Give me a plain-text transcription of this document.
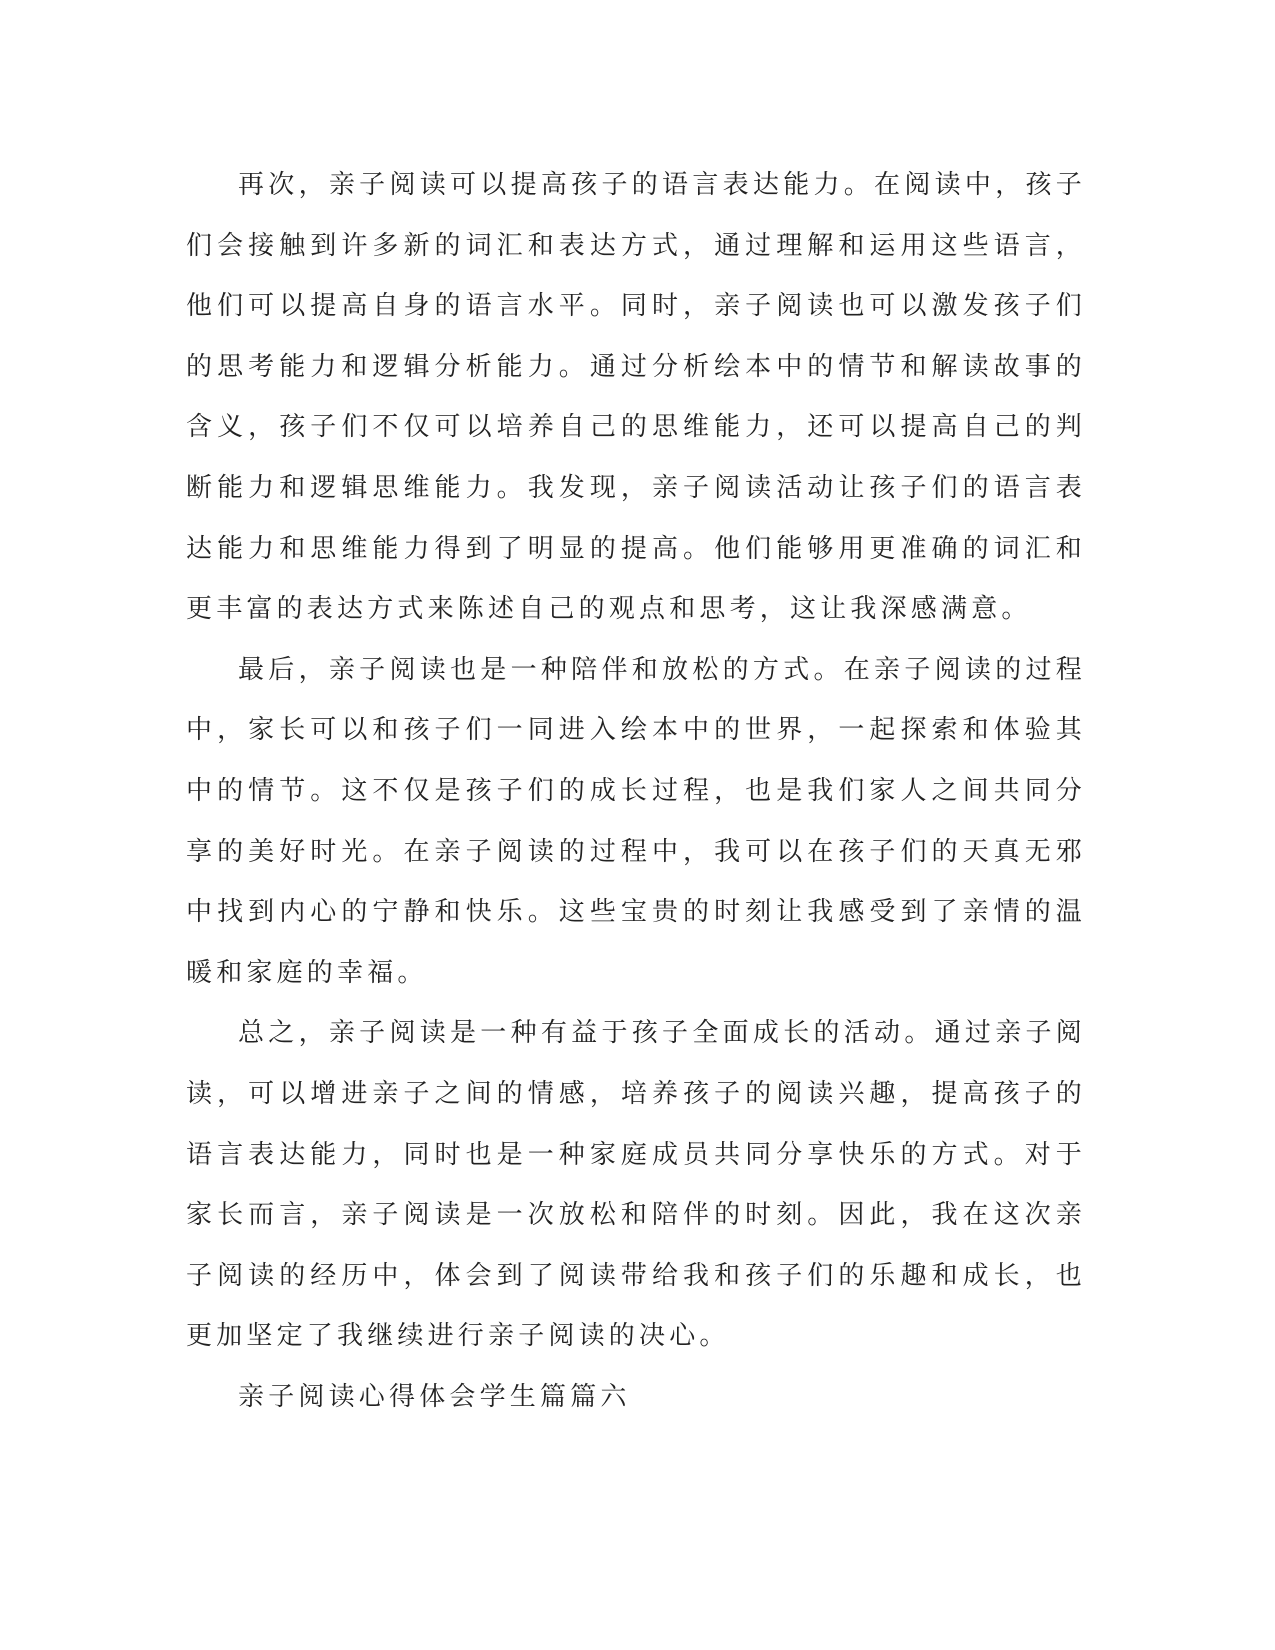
再次，亲子阅读可以提高孩子的语言表达能力。在阅读中，孩子们会接触到许多新的词汇和表达方式，通过理解和运用这些语言，他们可以提高自身的语言水平。同时，亲子阅读也可以激发孩子们的思考能力和逻辑分析能力。通过分析绘本中的情节和解读故事的含义，孩子们不仅可以培养自己的思维能力，还可以提高自己的判断能力和逻辑思维能力。我发现，亲子阅读活动让孩子们的语言表达能力和思维能力得到了明显的提高。他们能够用更准确的词汇和更丰富的表达方式来陈述自己的观点和思考，这让我深感满意。

最后，亲子阅读也是一种陪伴和放松的方式。在亲子阅读的过程中，家长可以和孩子们一同进入绘本中的世界，一起探索和体验其中的情节。这不仅是孩子们的成长过程，也是我们家人之间共同分享的美好时光。在亲子阅读的过程中，我可以在孩子们的天真无邪中找到内心的宁静和快乐。这些宝贵的时刻让我感受到了亲情的温暖和家庭的幸福。

总之，亲子阅读是一种有益于孩子全面成长的活动。通过亲子阅读，可以增进亲子之间的情感，培养孩子的阅读兴趣，提高孩子的语言表达能力，同时也是一种家庭成员共同分享快乐的方式。对于家长而言，亲子阅读是一次放松和陪伴的时刻。因此，我在这次亲子阅读的经历中，体会到了阅读带给我和孩子们的乐趣和成长，也更加坚定了我继续进行亲子阅读的决心。

亲子阅读心得体会学生篇篇六
